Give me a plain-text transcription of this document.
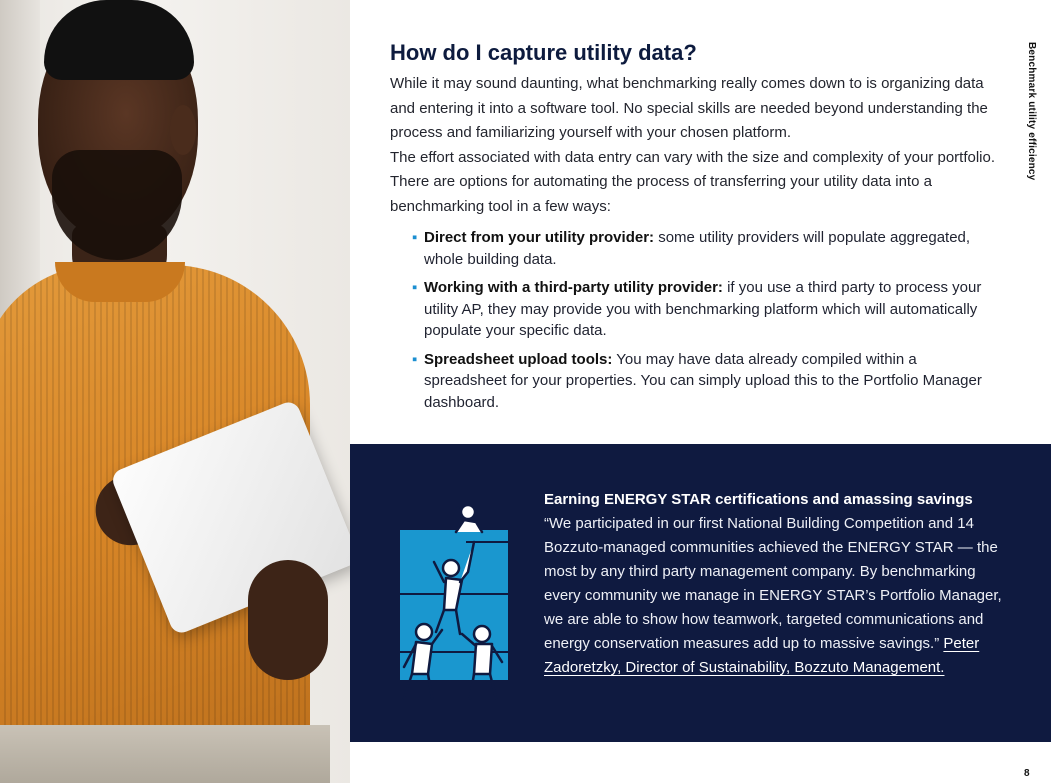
How do I capture utility data?

While it may sound daunting, what benchmarking really comes down to is organizing data and entering it into a software tool. No special skills are needed beyond understanding the process and familiarizing yourself with your chosen platform.
The effort associated with data entry can vary with the size and complexity of your portfolio. There are options for automating the process of transferring your utility data into a benchmarking tool in a few ways:

▪ Direct from your utility provider: some utility providers will populate aggregated, whole building data.
▪ Working with a third-party utility provider: if you use a third party to process your utility AP, they may provide you with benchmarking platform which will automatically populate your specific data.
▪ Spreadsheet upload tools: You may have data already compiled within a spreadsheet for your properties. You can simply upload this to the Portfolio Manager dashboard.
Benchmark utility efficiency
Earning ENERGY STAR certifications and amassing savings

“We participated in our first National Building Competition and 14 Bozzuto-managed communities achieved the ENERGY STAR — the most by any third party management company. By benchmarking every community we manage in ENERGY STAR’s Portfolio Manager, we are able to show how teamwork, targeted communications and energy conservation measures add up to massive savings.” Peter Zadoretzky, Director of Sustainability, Bozzuto Management.

8
